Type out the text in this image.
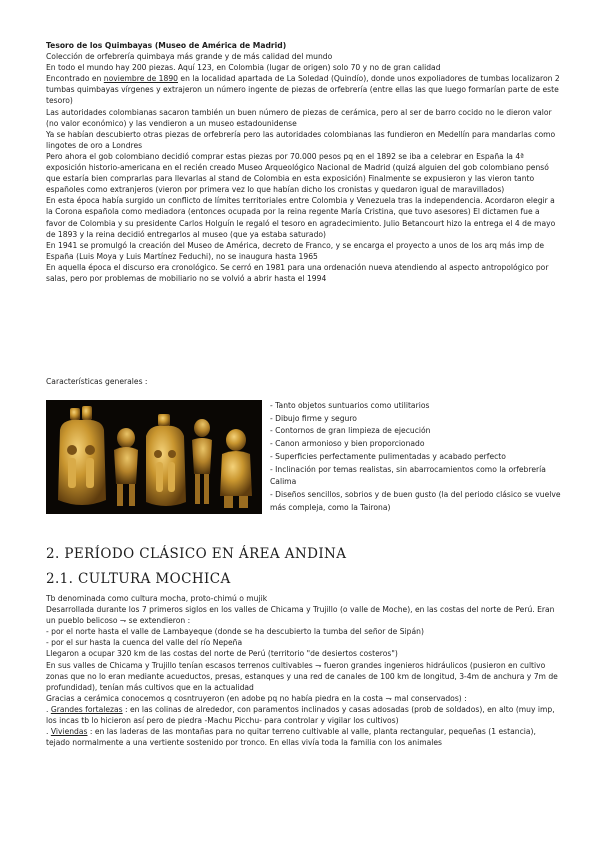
Tesoro de los Quimbayas (Museo de América de Madrid)

Colección de orfebrería quimbaya más grande y de más calidad del mundo

En todo el mundo hay 200 piezas. Aquí 123, en Colombia (lugar de origen) solo 70 y no de gran calidad

Encontrado en noviembre de 1890 en la localidad apartada de La Soledad (Quindío), donde unos expoliadores de tumbas localizaron 2 tumbas quimbayas vírgenes y extrajeron un número ingente de piezas de orfebrería (entre ellas las que luego formarían parte de este tesoro)

Las autoridades colombianas sacaron también un buen número de piezas de cerámica, pero al ser de barro cocido no le dieron valor (no valor económico) y las vendieron a un museo estadounidense

Ya se habían descubierto otras piezas de orfebrería pero las autoridades colombianas las fundieron en Medellín para mandarlas como lingotes de oro a Londres

Pero ahora el gob colombiano decidió comprar estas piezas por 70.000 pesos pq en el 1892 se iba a celebrar en España la 4ª exposición historio-americana en el recién creado Museo Arqueológico Nacional de Madrid (quizá alguien del gob colombiano pensó que estaría bien comprarlas para llevarlas al stand de Colombia en esta exposición) Finalmente se expusieron y las vieron tanto españoles como extranjeros (vieron por primera vez lo que habían dicho los cronistas y quedaron igual de maravillados)

En esta época había surgido un conflicto de límites territoriales entre Colombia y Venezuela tras la independencia. Acordaron elegir a la Corona española como mediadora (entonces ocupada por la reina regente María Cristina, que tuvo asesores) El dictamen fue a favor de Colombia y su presidente Carlos Holguín le regaló el tesoro en agradecimiento. Julio Betancourt hizo la entrega el 4 de mayo de 1893 y la reina decidió entregarlos al museo (que ya estaba saturado)

En 1941 se promulgó la creación del Museo de América, decreto de Franco, y se encarga el proyecto a unos de los arq más imp de España (Luis Moya y Luis Martínez Feduchi), no se inaugura hasta 1965

En aquella época el discurso era cronológico. Se cerró en 1981 para una ordenación nueva atendiendo al aspecto antropológico por salas, pero por problemas de mobiliario no se volvió a abrir hasta el 1994

Características generales :

- Tanto objetos suntuarios como utilitarios

- Dibujo firme y seguro

- Contornos de gran limpieza de ejecución

- Canon armonioso y bien proporcionado

- Superficies perfectamente pulimentadas y acabado perfecto

- Inclinación por temas realistas, sin abarrocamientos como la orfebrería Calima

- Diseños sencillos, sobrios y de buen gusto (la del periodo clásico se vuelve más compleja, como la Tairona)

2. PERÍODO CLÁSICO EN ÁREA ANDINA
2.1. CULTURA MOCHICA

Tb denominada como cultura mocha, proto-chimú o mujik

Desarrollada durante los 7 primeros siglos en los valles de Chicama y Trujillo (o valle de Moche), en las costas del norte de Perú. Eran un pueblo belicoso ⇁ se extendieron :

- por el norte hasta el valle de Lambayeque (donde se ha descubierto la tumba del señor de Sipán)

- por el sur hasta la cuenca del valle del río Nepeña

Llegaron a ocupar 320 km de las costas del norte de Perú (territorio "de desiertos costeros")

En sus valles de Chicama y Trujillo tenían escasos terrenos cultivables ⇁ fueron grandes ingenieros hidráulicos (pusieron en cultivo zonas que no lo eran mediante acueductos, presas, estanques y una red de canales de 100 km de longitud, 3-4m de anchura y 7m de profundidad), tenían más cultivos que en la actualidad

Gracias a cerámica conocemos q cosntruyeron (en adobe pq no había piedra en la costa ⇁ mal conservados) :

. Grandes fortalezas : en las colinas de alrededor, con paramentos inclinados y casas adosadas (prob de soldados), en alto (muy imp, los incas tb lo hicieron así pero de piedra -Machu Picchu- para controlar y vigilar los cultivos)

. Viviendas : en las laderas de las montañas para no quitar terreno cultivable al valle, planta rectangular, pequeñas (1 estancia), tejado normalmente a una vertiente sostenido por tronco. En ellas vivía toda la familia con los animales
